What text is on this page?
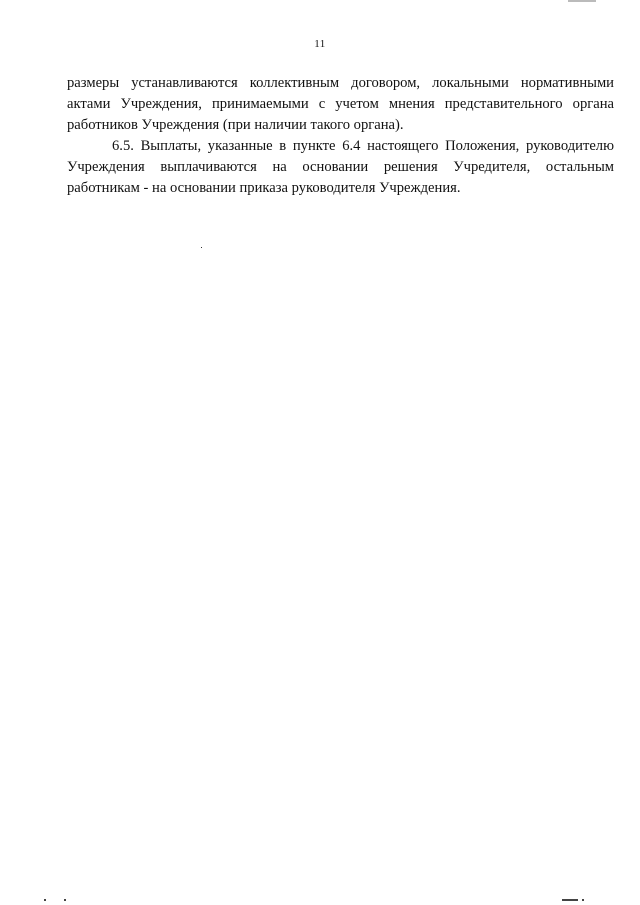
11
размеры устанавливаются коллективным договором, локальными нормативными
актами Учреждения, принимаемыми с учетом мнения представительного органа
работников Учреждения (при наличии такого органа).
6.5. Выплаты, указанные в пункте 6.4 настоящего Положения, руководителю
Учреждения выплачиваются на основании решения Учредителя, остальным
работникам - на основании приказа руководителя Учреждения.
